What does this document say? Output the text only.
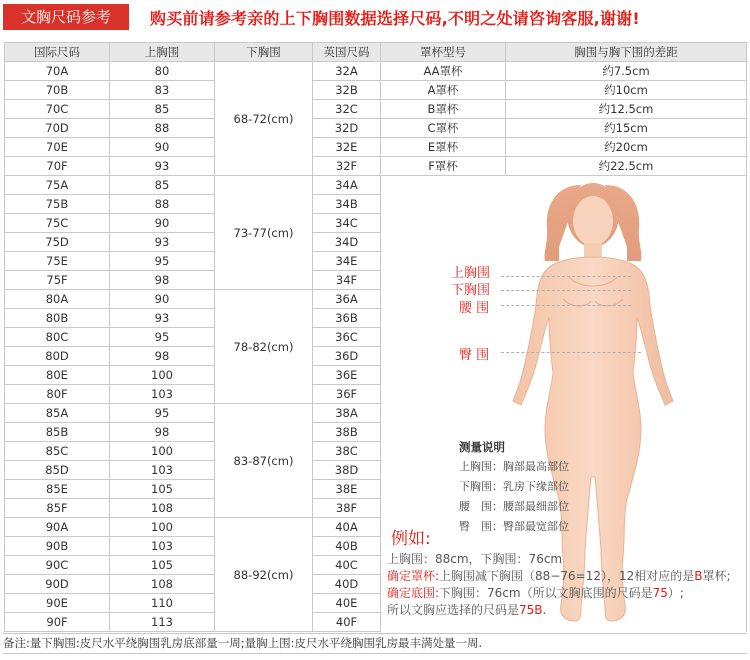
文胸尺码参考	购买前请参考亲的上下胸围数据选择尺码,不明之处请咨询客服,谢谢!
国际尺码	上胸围	下胸围	英国尺码	罩杯型号	胸围与胸下围的差距
70A	80	68-72(cm)	32A	AA罩杯	约7.5cm
70B	83		32B	A罩杯	约10cm
70C	85		32C	B罩杯	约12.5cm
70D	88		32D	C罩杯	约15cm
70E	90		32E	E罩杯	约20cm
70F	93		32F	F罩杯	约22.5cm
75A	85	73-77(cm)	34A		
75B	88		34B		
75C	90		34C		
75D	93		34D		
75E	95		34E		
75F	98		34F		
80A	90	78-82(cm)	36A		
80B	93		36B		
80C	95		36C		
80D	98		36D		
80E	100		36E		
80F	103		36F		
85A	95	83-87(cm)	38A		
85B	98		38B		
85C	100		38C		
85D	103		38D		
85E	105		38E		
85F	108		38F		
90A	100	88-92(cm)	40A		
90B	103		40B		
90C	105		40C		
90D	108		40D		
90E	110		40E		
90F	113		40F		
上胸围
下胸围
腰 围
臀 围
测量说明
上胸围：胸部最高部位
下胸围：乳房下缘部位
腰　围：腰部最细部位
臀　围：臀部最宽部位
例如:
上胸围：88cm，下胸围：76cm
确定罩杯:上胸围减下胸围（88−76=12），12相对应的是B罩杯;
确定底围:下胸围：76cm（所以文胸底围的尺码是75）;
所以文胸应选择的尺码是75B.
备注:量下胸围:皮尺水平绕胸围乳房底部量一周;量胸上围:皮尺水平绕胸围乳房最丰满处量一周.
